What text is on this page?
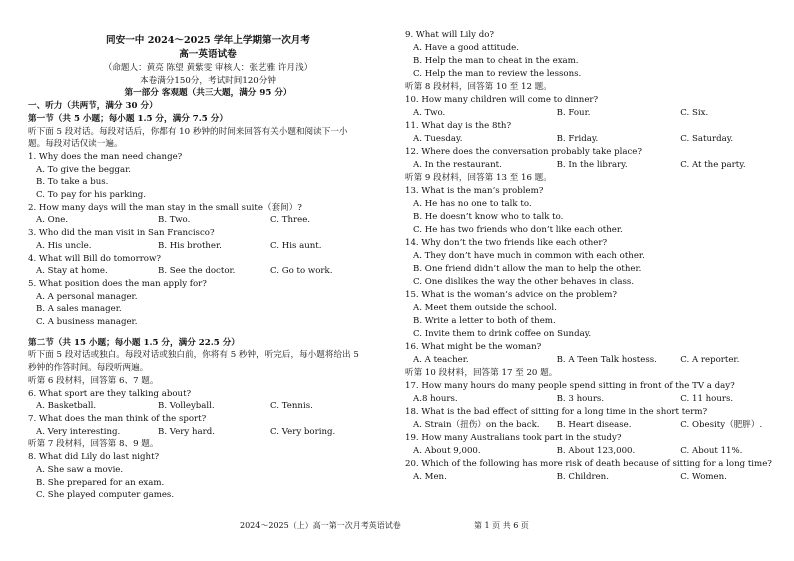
同安一中 2024～2025 学年上学期第一次月考
高一英语试卷
（命题人：黄亮 陈望 黄紫雯 审核人：张艺雅 许月浅）
本卷满分150分，考试时间120分钟
第一部分 客观题（共三大题，满分 95 分）
一、听力（共两节，满分 30 分）
第一节（共 5 小题；每小题 1.5 分，满分 7.5 分）
听下面 5 段对话。每段对话后，你都有 10 秒钟的时间来回答有关小题和阅读下一小
题。每段对话仅读一遍。
1. Why does the man need change?
A. To give the beggar.
B. To take a bus.
C. To pay for his parking.
2. How many days will the man stay in the small suite（套间）?
A. One.	B. Two.	C. Three.
3. Who did the man visit in San Francisco?
A. His uncle.	B. His brother.	C. His aunt.
4. What will Bill do tomorrow?
A. Stay at home.	B. See the doctor.	C. Go to work.
5. What position does the man apply for?
A. A personal manager.
B. A sales manager.
C. A business manager.
第二节（共 15 小题；每小题 1.5 分，满分 22.5 分）
听下面 5 段对话或独白。每段对话或独白前，你将有 5 秒钟，听完后，每小题将给出 5
秒钟的作答时间。每段听两遍。
听第 6 段材料，回答第 6、7 题。
6. What sport are they talking about?
A. Basketball.	B. Volleyball.	C. Tennis.
7. What does the man think of the sport?
A. Very interesting.	B. Very hard.	C. Very boring.
听第 7 段材料，回答第 8、9 题。
8. What did Lily do last night?
A. She saw a movie.
B. She prepared for an exam.
C. She played computer games.
9. What will Lily do?
A. Have a good attitude.
B. Help the man to cheat in the exam.
C. Help the man to review the lessons.
听第 8 段材料，回答第 10 至 12 题。
10. How many children will come to dinner?
A. Two.	B. Four.	C. Six.
11. What day is the 8th?
A. Tuesday.	B. Friday.	C. Saturday.
12. Where does the conversation probably take place?
A. In the restaurant.	B. In the library.	C. At the party.
听第 9 段材料，回答第 13 至 16 题。
13. What is the man’s problem?
A. He has no one to talk to.
B. He doesn’t know who to talk to.
C. He has two friends who don’t like each other.
14. Why don’t the two friends like each other?
A. They don’t have much in common with each other.
B. One friend didn’t allow the man to help the other.
C. One dislikes the way the other behaves in class.
15. What is the woman’s advice on the problem?
A. Meet them outside the school.
B. Write a letter to both of them.
C. Invite them to drink coffee on Sunday.
16. What might be the woman?
A. A teacher.	B. A Teen Talk hostess.	C. A reporter.
听第 10 段材料，回答第 17 至 20 题。
17. How many hours do many people spend sitting in front of the TV a day?
A.8 hours.	B. 3 hours.	C. 11 hours.
18. What is the bad effect of sitting for a long time in the short term?
A. Strain（扭伤）on the back.	B. Heart disease.	C. Obesity（肥胖）.
19. How many Australians took part in the study?
A. About 9,000.	B. About 123,000.	C. About 11%.
20. Which of the following has more risk of death because of sitting for a long time?
A. Men.	B. Children.	C. Women.
2024～2025（上）高一第一次月考英语试卷	第 1 页 共 6 页
